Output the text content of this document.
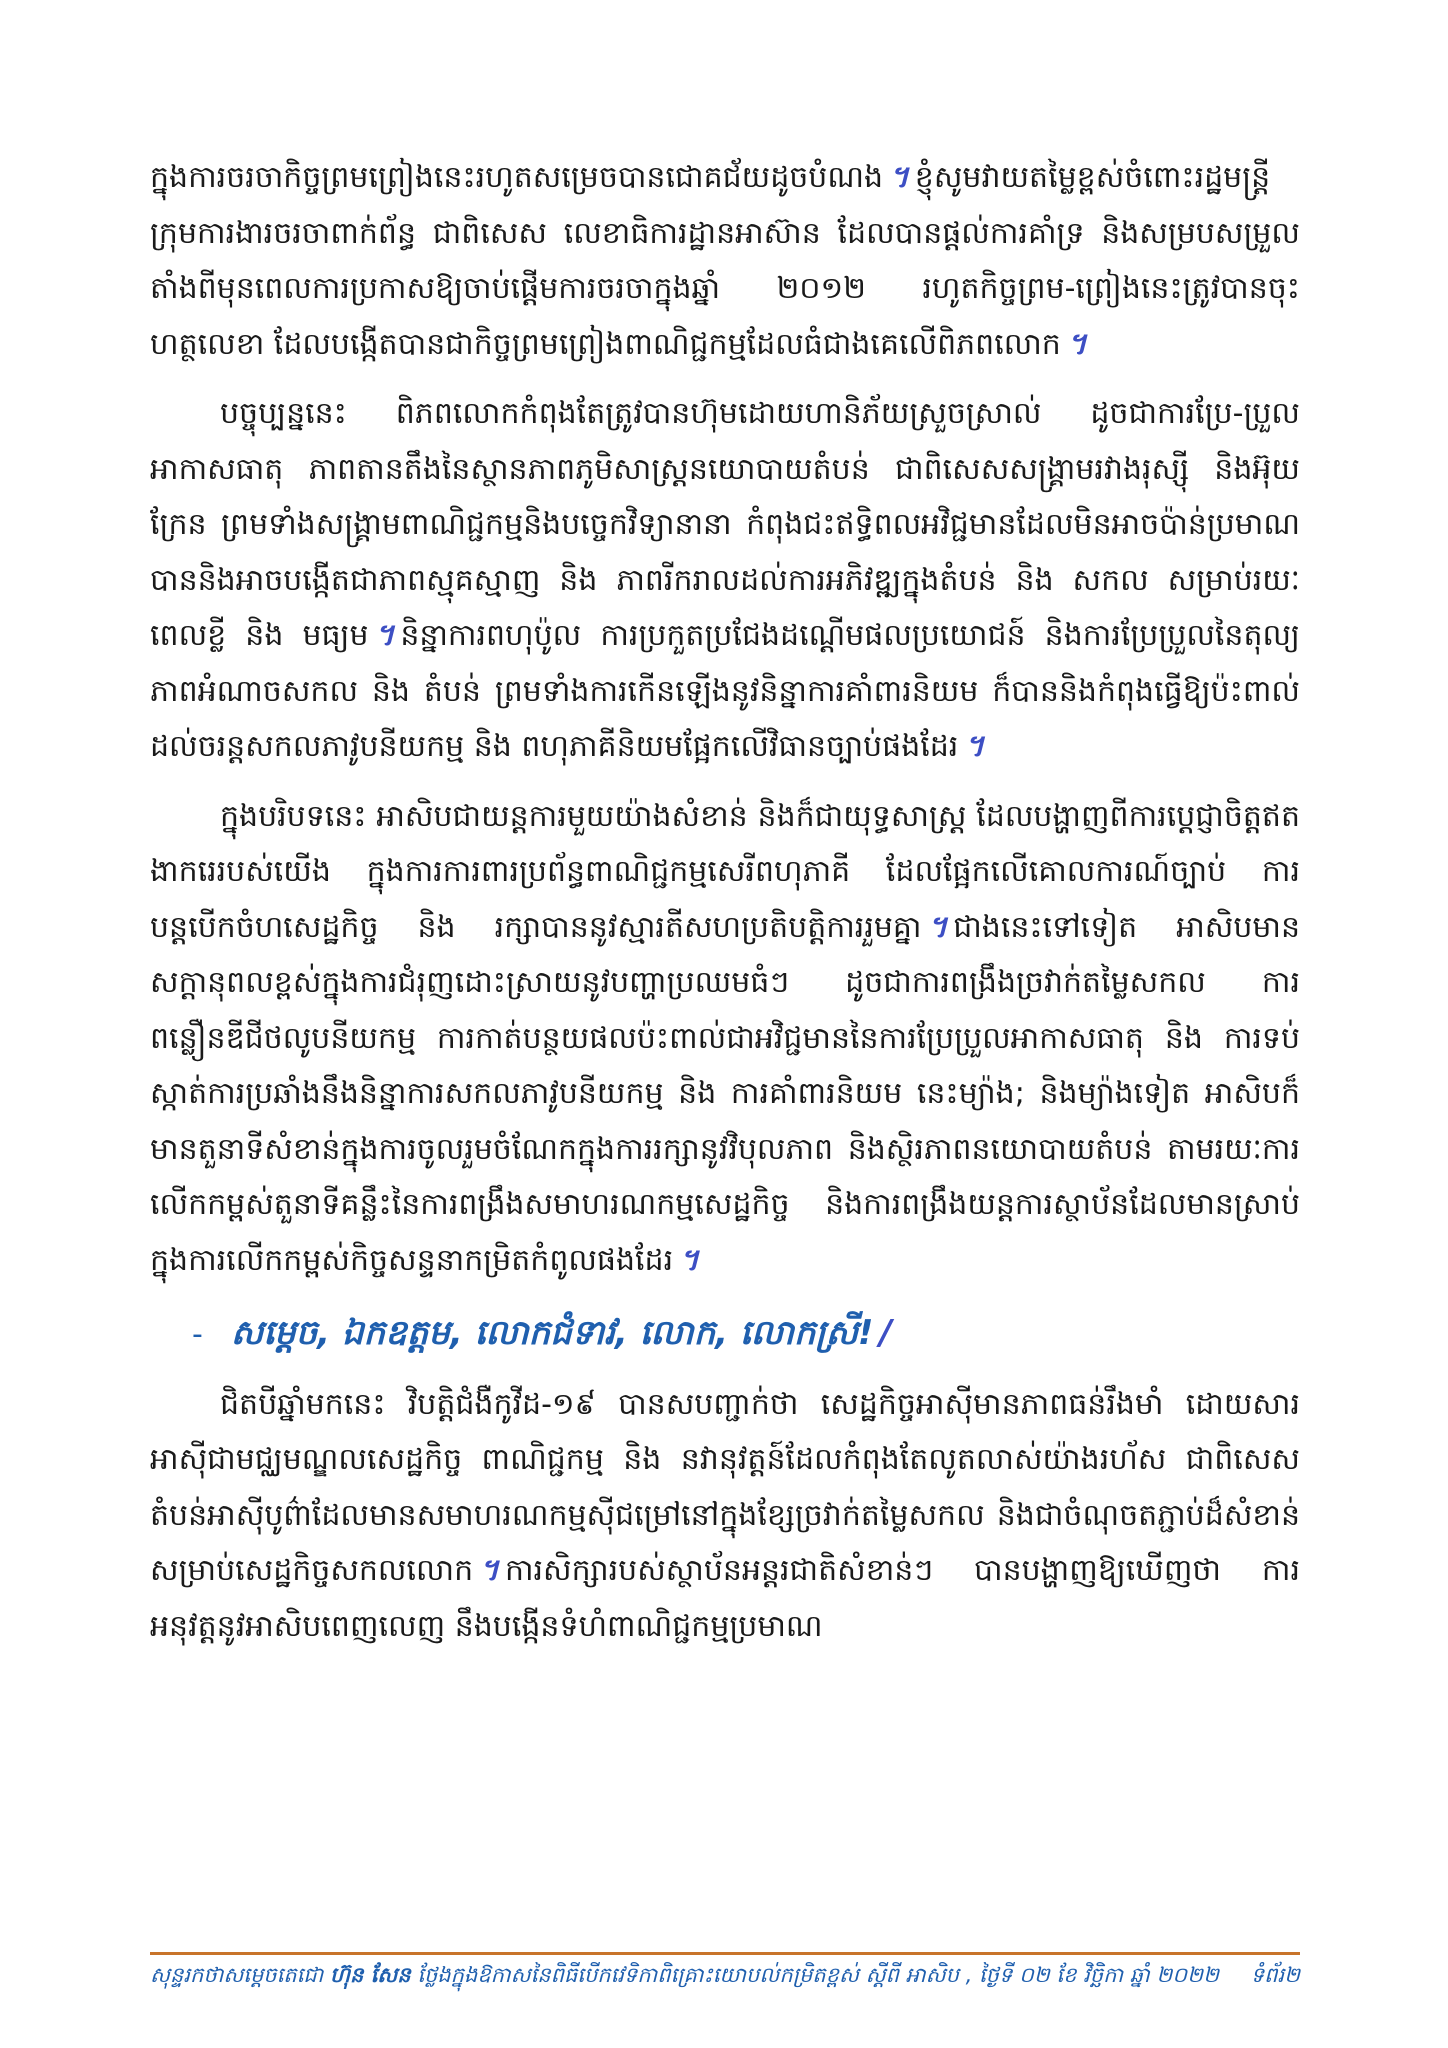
ក្នុងការចរចាកិច្ចព្រមព្រៀងនេះរហូតសម្រេចបានជោគជ័យដូចបំណង ។ ខ្ញុំសូមវាយតម្លៃខ្ពស់ចំពោះរដ្ឋមន្ត្រី ក្រុមការងារចរចាពាក់ព័ន្ធ ជាពិសេស លេខាធិការដ្ឋានអាស៊ាន ដែលបានផ្តល់ការគាំទ្រ និងសម្របសម្រួលតាំងពីមុនពេលការប្រកាសឱ្យចាប់ផ្តើមការចរចាក្នុងឆ្នាំ ២០១២ រហូតកិច្ចព្រម-ព្រៀងនេះត្រូវបានចុះហត្ថលេខា ដែលបង្កើតបានជាកិច្ចព្រមព្រៀងពាណិជ្ជកម្មដែលធំជាងគេលើពិភពលោក ។

បច្ចុប្បន្ននេះ ពិភពលោកកំពុងតែត្រូវបានហ៊ុមដោយហានិភ័យស្រួចស្រាល់ ដូចជាការប្រែ-ប្រួលអាកាសធាតុ ភាពតានតឹងនៃស្ថានភាពភូមិសាស្ត្រនយោបាយតំបន់ ជាពិសេសសង្គ្រាមរវាងរុស្ស៊ី និងអ៊ុយក្រែន ព្រមទាំងសង្គ្រាមពាណិជ្ជកម្មនិងបច្ចេកវិទ្យានានា កំពុងជះឥទ្ធិពលអវិជ្ជមានដែលមិនអាចប៉ាន់ប្រមាណបាននិងអាចបង្កើតជាភាពស្មុគស្មាញ និង ភាពរីករាលដល់ការអភិវឌ្ឍក្នុងតំបន់ និង សកល សម្រាប់រយៈពេលខ្លី និង មធ្យម ។ និន្នាការពហុប៉ូល ការប្រកួតប្រជែងដណ្តើមផលប្រយោជន៍ និងការប្រែប្រួលនៃតុល្យភាពអំណាចសកល និង តំបន់ ព្រមទាំងការកើនឡើងនូវនិន្នាការគាំពារនិយម ក៏បាននិងកំពុងធ្វើឱ្យប៉ះពាល់ដល់ចរន្តសកលភាវូបនីយកម្ម និង ពហុភាគីនិយមផ្អែកលើវិធានច្បាប់ផងដែរ ។

ក្នុងបរិបទនេះ អាសិបជាយន្តការមួយយ៉ាងសំខាន់ និងក៏ជាយុទ្ធសាស្ត្រ ដែលបង្ហាញពីការប្តេជ្ញាចិត្តឥតងាករេរបស់យើង ក្នុងការការពារប្រព័ន្ធពាណិជ្ជកម្មសេរីពហុភាគី ដែលផ្អែកលើគោលការណ៍ច្បាប់ ការបន្តបើកចំហសេដ្ឋកិច្ច និង រក្សាបាននូវស្មារតីសហប្រតិបត្តិការរួមគ្នា ។ ជាងនេះទៅទៀត អាសិបមានសក្តានុពលខ្ពស់ក្នុងការជំរុញដោះស្រាយនូវបញ្ហាប្រឈមធំៗ ដូចជាការពង្រឹងច្រវាក់តម្លៃសកល ការពន្លឿនឌីជីថលូបនីយកម្ម ការកាត់បន្ថយផលប៉ះពាល់ជាអវិជ្ជមាននៃការប្រែប្រួលអាកាសធាតុ និង ការទប់ស្កាត់ការប្រឆាំងនឹងនិន្នាការសកលភាវូបនីយកម្ម និង ការគាំពារនិយម នេះម្យ៉ាង; និងម្យ៉ាងទៀត អាសិបក៏មានតួនាទីសំខាន់ក្នុងការចូលរួមចំណែកក្នុងការរក្សានូវវិបុលភាព និងស្ថិរភាពនយោបាយតំបន់ តាមរយៈការលើកកម្ពស់តួនាទីគន្លឹះនៃការពង្រឹងសមាហរណកម្មសេដ្ឋកិច្ច និងការពង្រឹងយន្តការស្ថាប័នដែលមានស្រាប់ក្នុងការលើកកម្ពស់កិច្ចសន្ទនាកម្រិតកំពូលផងដែរ ។

- សម្តេច, ឯកឧត្តម, លោកជំទាវ, លោក, លោកស្រី! /

ជិតបីឆ្នាំមកនេះ វិបត្តិជំងឺកូវីដ-១៩ បានសបញ្ជាក់ថា សេដ្ឋកិច្ចអាស៊ីមានភាពធន់រឹងមាំ ដោយសារអាស៊ីជាមជ្ឈមណ្ឌលសេដ្ឋកិច្ច ពាណិជ្ជកម្ម និង នវានុវត្តន៍ដែលកំពុងតែលូតលាស់យ៉ាងរហ័ស ជាពិសេសតំបន់អាស៊ីបូព៌ាដែលមានសមាហរណកម្មស៊ីជម្រៅនៅក្នុងខ្សែច្រវាក់តម្លៃសកល និងជាចំណុចតភ្ជាប់ដ៏សំខាន់សម្រាប់សេដ្ឋកិច្ចសកលលោក ។ ការសិក្សារបស់ស្ថាប័នអន្តរជាតិសំខាន់ៗ បានបង្ហាញឱ្យឃើញថា ការអនុវត្តនូវអាសិបពេញលេញ នឹងបង្កើនទំហំពាណិជ្ជកម្មប្រមាណ

សុន្ទរកថាសម្តេចតេជោ ហ៊ុន សែន ថ្លែងក្នុងឱកាសនៃពិធីបើកវេទិកាពិគ្រោះយោបល់កម្រិតខ្ពស់ ស្តីពី អាសិប , ថ្ងៃទី ០២ ខែ វិច្ឆិកា ឆ្នាំ ២០២២ ទំព័រ២
